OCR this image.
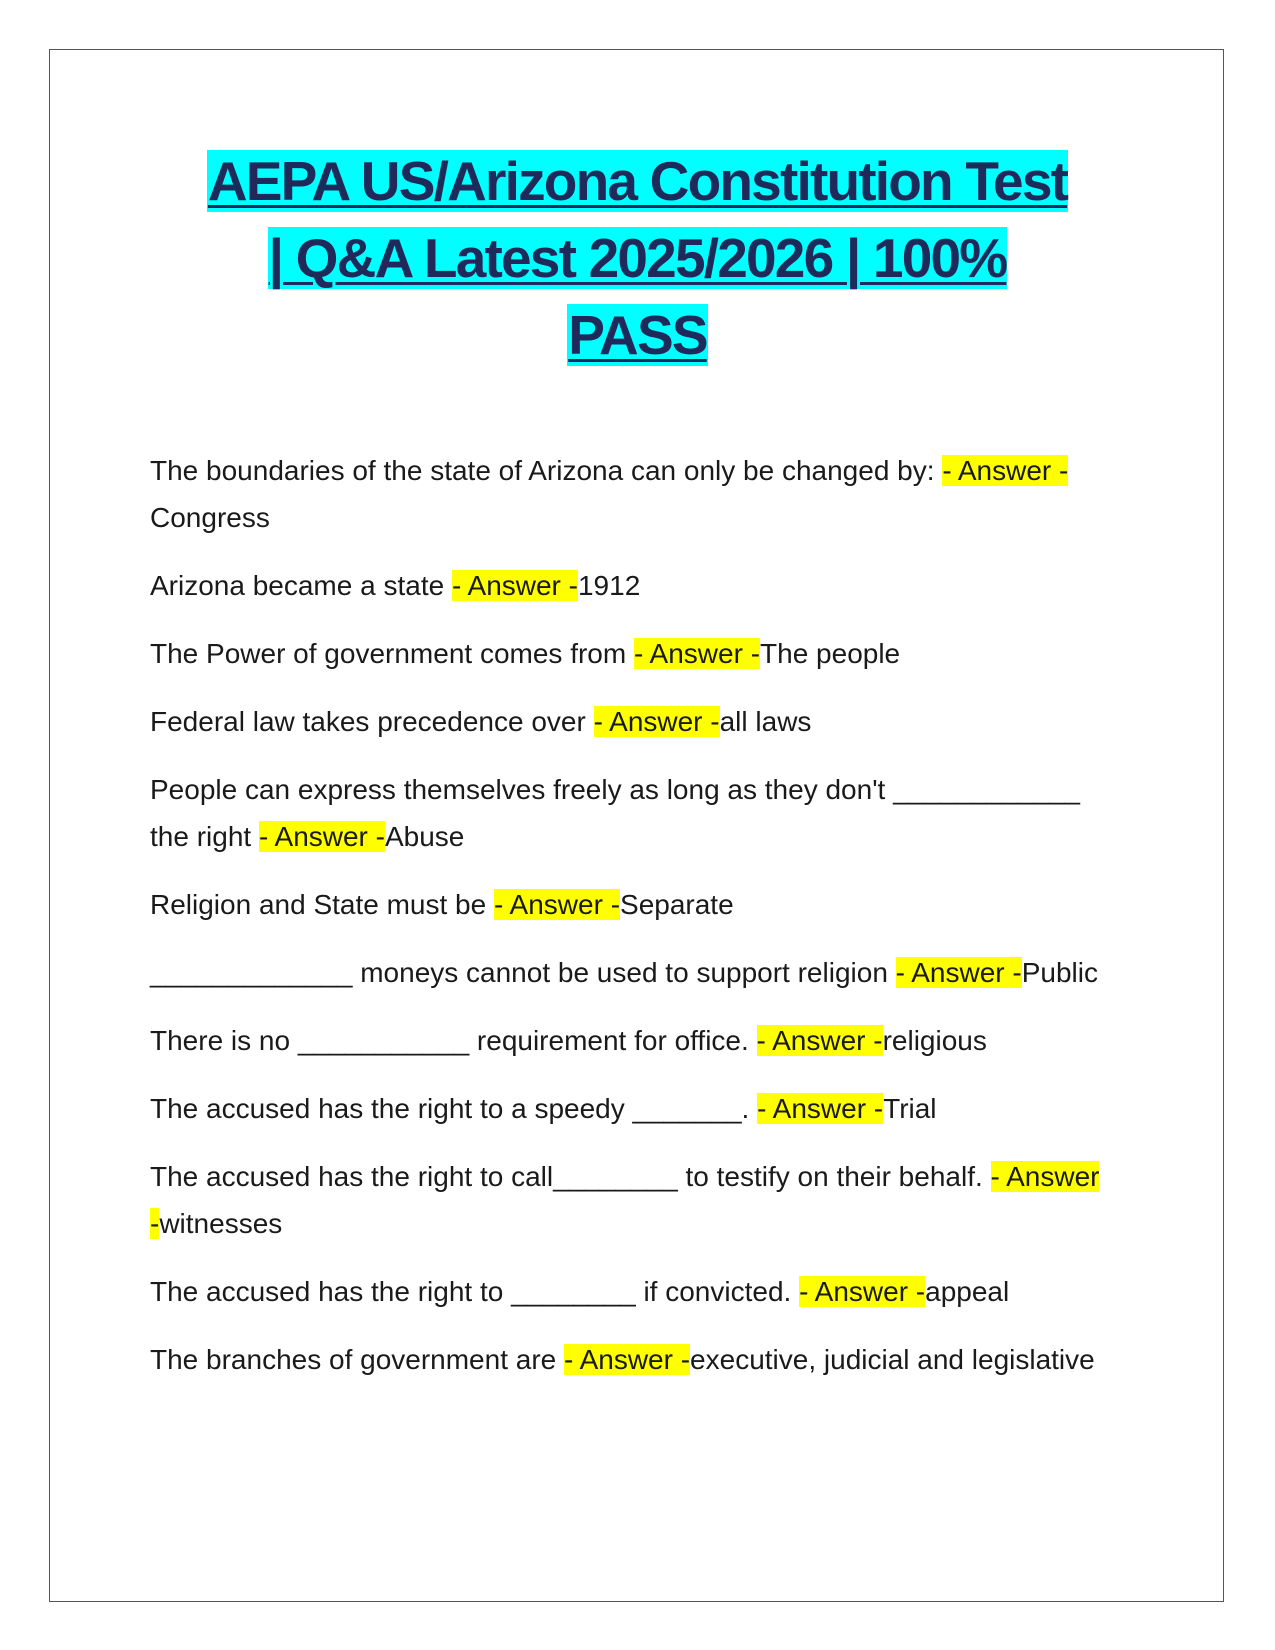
AEPA US/Arizona Constitution Test
| Q&A Latest 2025/2026 | 100%
PASS
The boundaries of the state of Arizona can only be changed by: - Answer -Congress
Arizona became a state - Answer -1912
The Power of government comes from - Answer -The people
Federal law takes precedence over - Answer -all laws
People can express themselves freely as long as they don't ____________ the right - Answer -Abuse
Religion and State must be - Answer -Separate
_____________ moneys cannot be used to support religion - Answer -Public
There is no ___________ requirement for office. - Answer -religious
The accused has the right to a speedy _______. - Answer -Trial
The accused has the right to call________ to testify on their behalf. - Answer -witnesses
The accused has the right to ________ if convicted. - Answer -appeal
The branches of government are - Answer -executive, judicial and legislative
